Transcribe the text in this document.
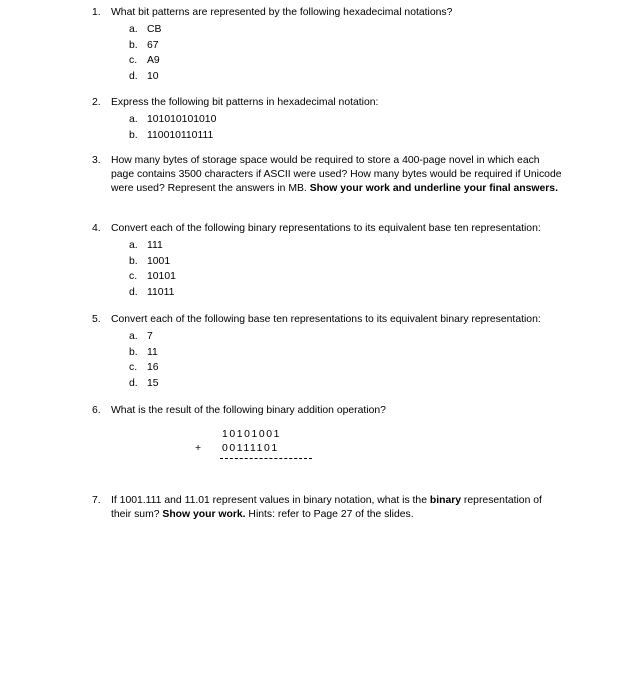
1. What bit patterns are represented by the following hexadecimal notations?
a. CB
b. 67
c. A9
d. 10
2. Express the following bit patterns in hexadecimal notation:
a. 101010101010
b. 110010110111
3. How many bytes of storage space would be required to store a 400-page novel in which each page contains 3500 characters if ASCII were used? How many bytes would be required if Unicode were used? Represent the answers in MB. Show your work and underline your final answers.
4. Convert each of the following binary representations to its equivalent base ten representation:
a. 111
b. 1001
c. 10101
d. 11011
5. Convert each of the following base ten representations to its equivalent binary representation:
a. 7
b. 11
c. 16
d. 15
6. What is the result of the following binary addition operation?
10101001
+ 00111101
7. If 1001.111 and 11.01 represent values in binary notation, what is the binary representation of their sum? Show your work. Hints: refer to Page 27 of the slides.
